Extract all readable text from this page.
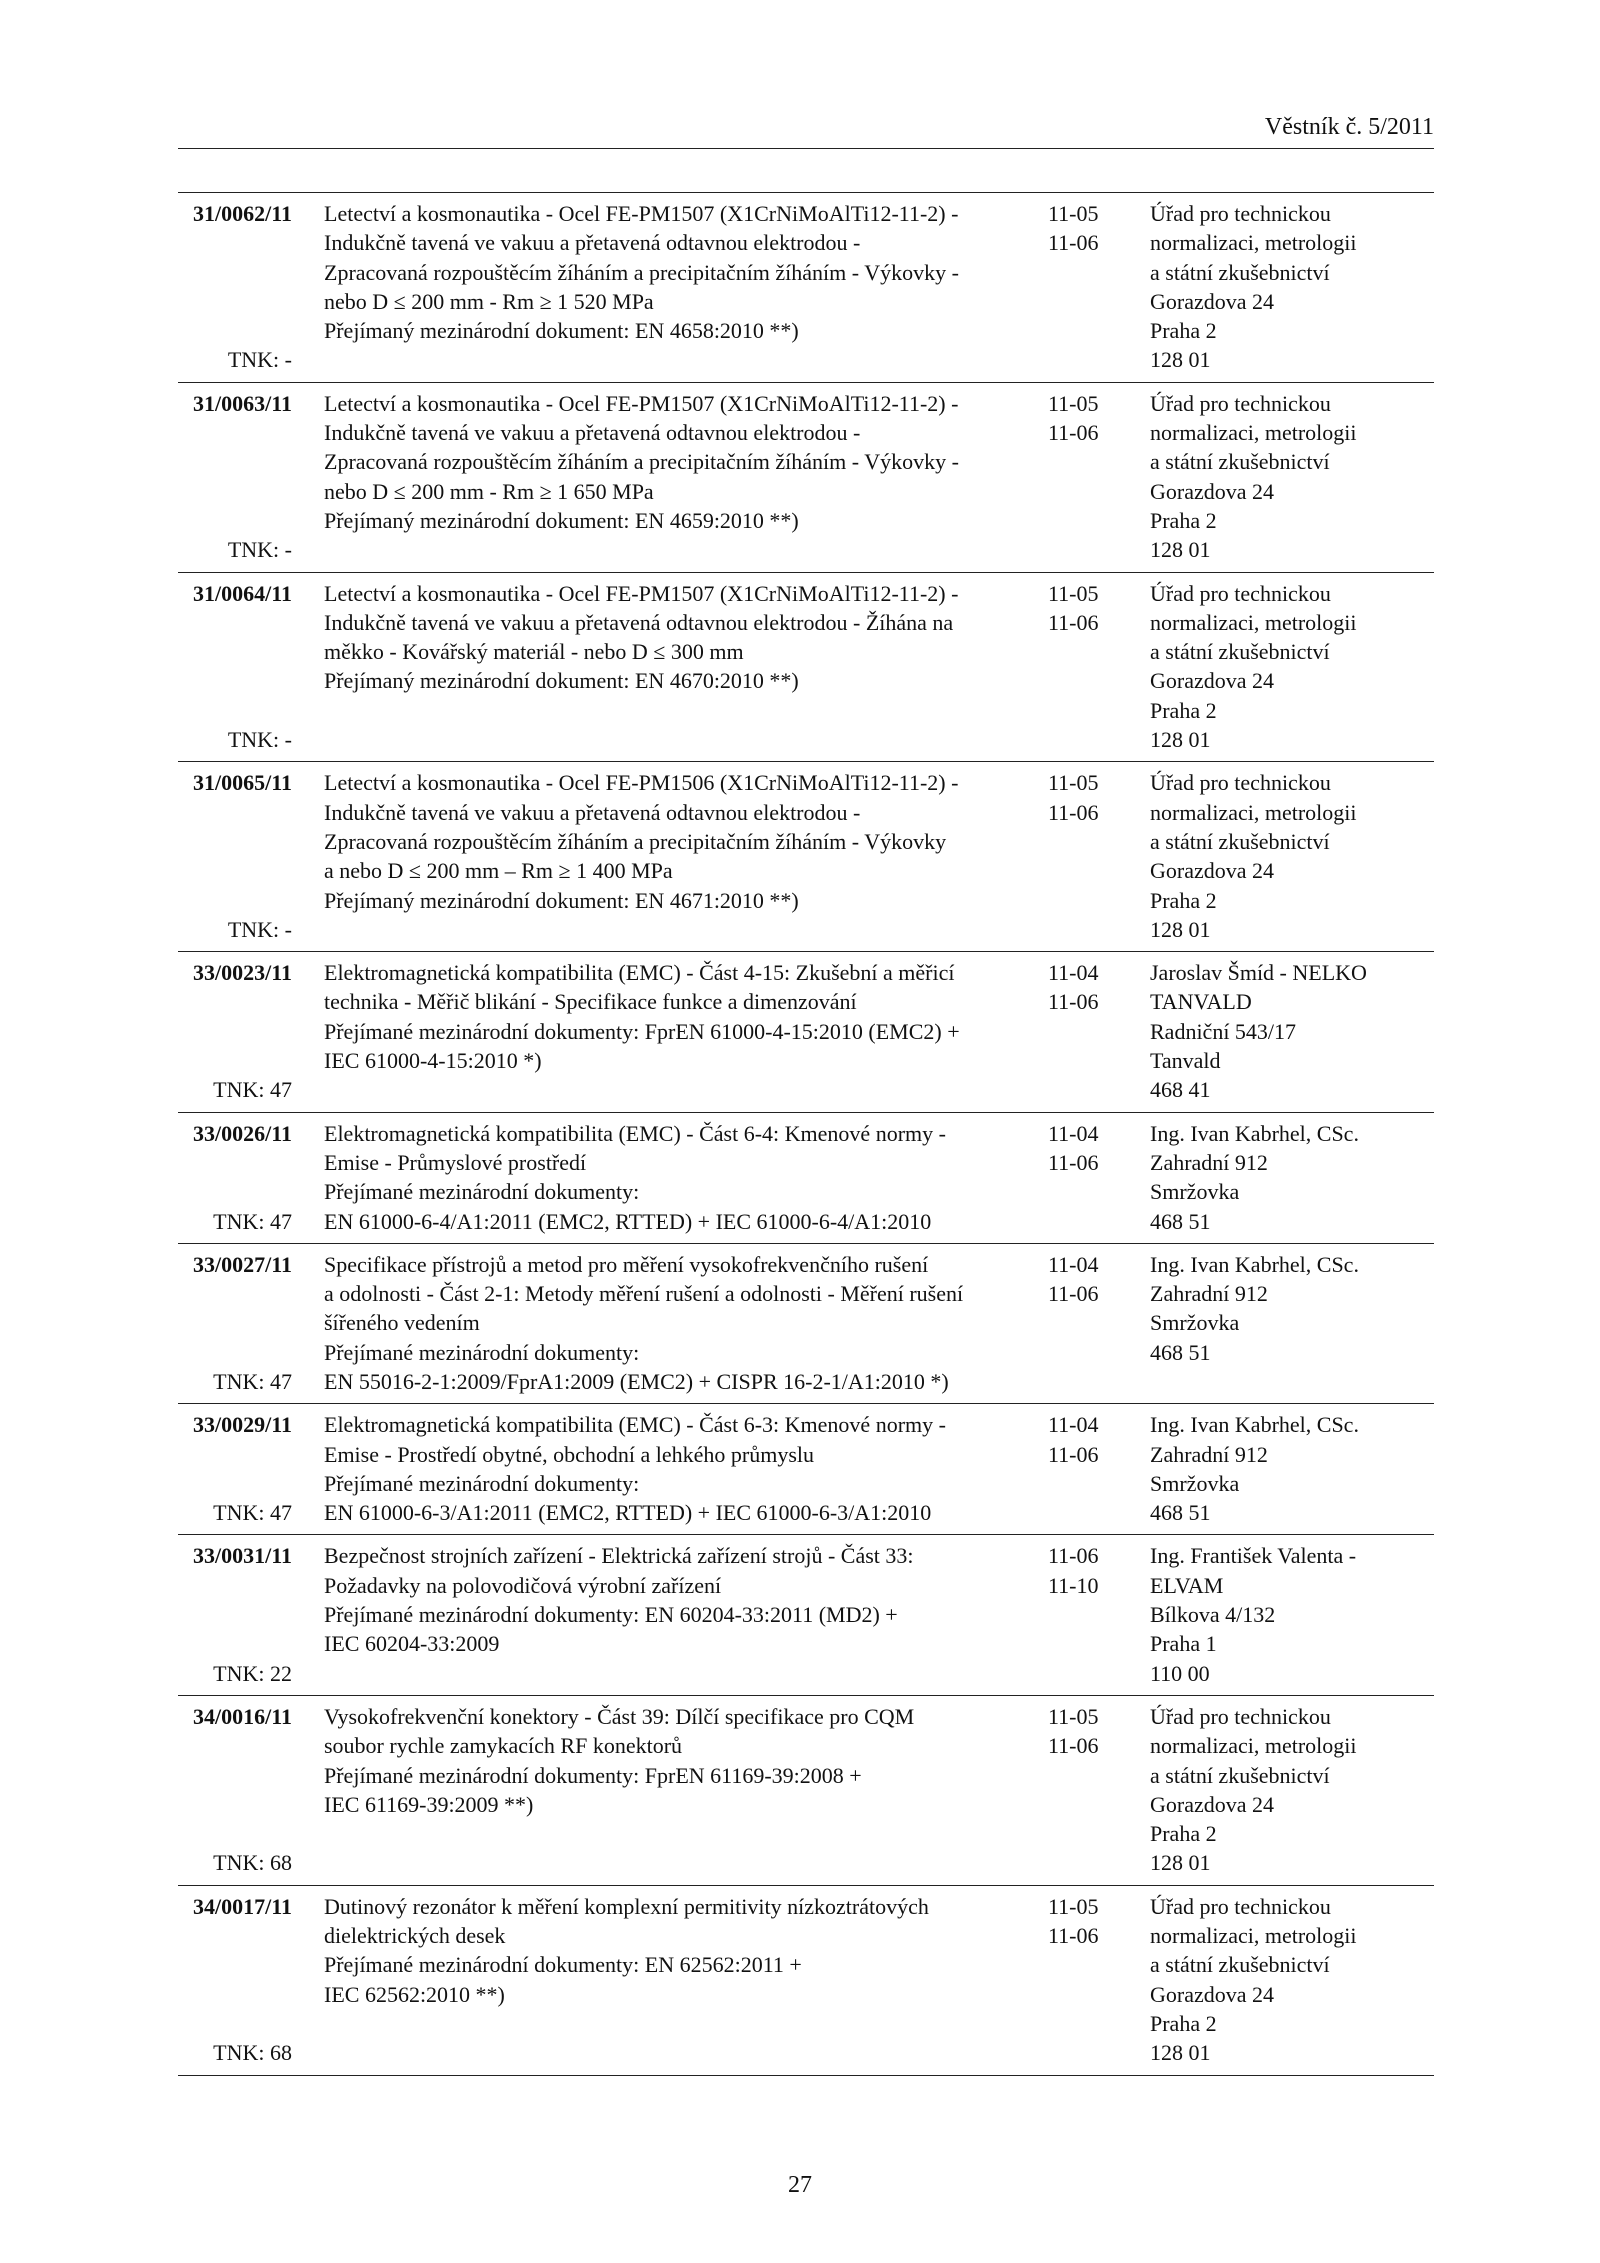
Věstník č. 5/2011
31/0062/11
TNK: -
Letectví a kosmonautika - Ocel FE-PM1507 (X1CrNiMoAlTi12-11-2) -
Indukčně tavená ve vakuu a přetavená odtavnou elektrodou -
Zpracovaná rozpouštěcím žíháním a precipitačním žíháním - Výkovky -
nebo D ≤ 200 mm - Rm ≥ 1 520 MPa
Přejímaný mezinárodní dokument: EN 4658:2010 **)
11-05
11-06
Úřad pro technickou
normalizaci, metrologii
a státní zkušebnictví
Gorazdova 24
Praha 2
128 01
31/0063/11
TNK: -
Letectví a kosmonautika - Ocel FE-PM1507 (X1CrNiMoAlTi12-11-2) -
Indukčně tavená ve vakuu a přetavená odtavnou elektrodou -
Zpracovaná rozpouštěcím žíháním a precipitačním žíháním - Výkovky -
nebo D ≤ 200 mm - Rm ≥ 1 650 MPa
Přejímaný mezinárodní dokument: EN 4659:2010 **)
11-05
11-06
Úřad pro technickou
normalizaci, metrologii
a státní zkušebnictví
Gorazdova 24
Praha 2
128 01
31/0064/11
TNK: -
Letectví a kosmonautika - Ocel FE-PM1507 (X1CrNiMoAlTi12-11-2) -
Indukčně tavená ve vakuu a přetavená odtavnou elektrodou - Žíhána na
měkko - Kovářský materiál - nebo D ≤ 300 mm
Přejímaný mezinárodní dokument: EN 4670:2010 **)
11-05
11-06
Úřad pro technickou
normalizaci, metrologii
a státní zkušebnictví
Gorazdova 24
Praha 2
128 01
31/0065/11
TNK: -
Letectví a kosmonautika - Ocel FE-PM1506 (X1CrNiMoAlTi12-11-2) -
Indukčně tavená ve vakuu a přetavená odtavnou elektrodou -
Zpracovaná rozpouštěcím žíháním a precipitačním žíháním - Výkovky
a nebo D ≤ 200 mm – Rm ≥ 1 400 MPa
Přejímaný mezinárodní dokument: EN 4671:2010 **)
11-05
11-06
Úřad pro technickou
normalizaci, metrologii
a státní zkušebnictví
Gorazdova 24
Praha 2
128 01
33/0023/11
TNK: 47
Elektromagnetická kompatibilita (EMC) - Část 4-15: Zkušební a měřicí
technika - Měřič blikání - Specifikace funkce a dimenzování
Přejímané mezinárodní dokumenty: FprEN 61000-4-15:2010 (EMC2) +
IEC 61000-4-15:2010 *)
11-04
11-06
Jaroslav Šmíd - NELKO
TANVALD
Radniční 543/17
Tanvald
468 41
33/0026/11
TNK: 47
Elektromagnetická kompatibilita (EMC) - Část 6-4: Kmenové normy -
Emise - Průmyslové prostředí
Přejímané mezinárodní dokumenty:
EN 61000-6-4/A1:2011 (EMC2, RTTED) + IEC 61000-6-4/A1:2010
11-04
11-06
Ing. Ivan Kabrhel, CSc.
Zahradní 912
Smržovka
468 51
33/0027/11
TNK: 47
Specifikace přístrojů a metod pro měření vysokofrekvenčního rušení
a odolnosti - Část 2-1: Metody měření rušení a odolnosti - Měření rušení
šířeného vedením
Přejímané mezinárodní dokumenty:
EN 55016-2-1:2009/FprA1:2009 (EMC2) + CISPR 16-2-1/A1:2010 *)
11-04
11-06
Ing. Ivan Kabrhel, CSc.
Zahradní 912
Smržovka
468 51
33/0029/11
TNK: 47
Elektromagnetická kompatibilita (EMC) - Část 6-3: Kmenové normy -
Emise - Prostředí obytné, obchodní a lehkého průmyslu
Přejímané mezinárodní dokumenty:
EN 61000-6-3/A1:2011 (EMC2, RTTED) + IEC 61000-6-3/A1:2010
11-04
11-06
Ing. Ivan Kabrhel, CSc.
Zahradní 912
Smržovka
468 51
33/0031/11
TNK: 22
Bezpečnost strojních zařízení - Elektrická zařízení strojů - Část 33:
Požadavky na polovodičová výrobní zařízení
Přejímané mezinárodní dokumenty: EN 60204-33:2011 (MD2) +
IEC 60204-33:2009
11-06
11-10
Ing. František Valenta -
ELVAM
Bílkova 4/132
Praha 1
110 00
34/0016/11
TNK: 68
Vysokofrekvenční konektory - Část 39: Dílčí specifikace pro CQM
soubor rychle zamykacích RF konektorů
Přejímané mezinárodní dokumenty: FprEN 61169-39:2008 +
IEC 61169-39:2009 **)
11-05
11-06
Úřad pro technickou
normalizaci, metrologii
a státní zkušebnictví
Gorazdova 24
Praha 2
128 01
34/0017/11
TNK: 68
Dutinový rezonátor k měření komplexní permitivity nízkoztrátových
dielektrických desek
Přejímané mezinárodní dokumenty: EN 62562:2011 +
IEC 62562:2010 **)
11-05
11-06
Úřad pro technickou
normalizaci, metrologii
a státní zkušebnictví
Gorazdova 24
Praha 2
128 01
27
